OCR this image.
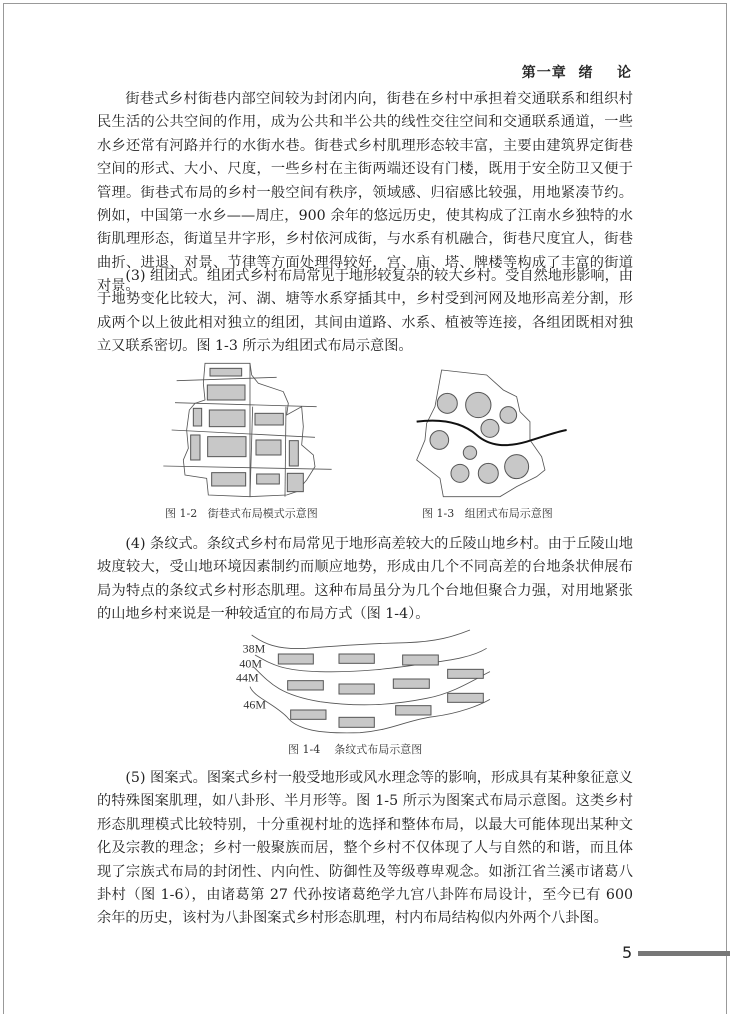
第一章  绪    论

街巷式乡村街巷内部空间较为封闭内向，街巷在乡村中承担着交通联系和组织村民生活的公共空间的作用，成为公共和半公共的线性交往空间和交通联系通道，一些水乡还常有河路并行的水街水巷。街巷式乡村肌理形态较丰富，主要由建筑界定街巷空间的形式、大小、尺度，一些乡村在主街两端还设有门楼，既用于安全防卫又便于管理。街巷式布局的乡村一般空间有秩序，领域感、归宿感比较强，用地紧凑节约。例如，中国第一水乡——周庄，900 余年的悠远历史，使其构成了江南水乡独特的水街肌理形态，街道呈井字形，乡村依河成街，与水系有机融合，街巷尺度宜人，街巷曲折、进退、对景、节律等方面处理得较好，宫、庙、塔、牌楼等构成了丰富的街道对景。

(3) 组团式。组团式乡村布局常见于地形较复杂的较大乡村。受自然地形影响，由于地势变化比较大，河、湖、塘等水系穿插其中，乡村受到河网及地形高差分割，形成两个以上彼此相对独立的组团，其间由道路、水系、植被等连接，各组团既相对独立又联系密切。图 1-3 所示为组团式布局示意图。

(4) 条纹式。条纹式乡村布局常见于地形高差较大的丘陵山地乡村。由于丘陵山地坡度较大，受山地环境因素制约而顺应地势，形成由几个不同高差的台地条状伸展布局为特点的条纹式乡村形态肌理。这种布局虽分为几个台地但聚合力强，对用地紧张的山地乡村来说是一种较适宜的布局方式（图 1-4）。

(5) 图案式。图案式乡村一般受地形或风水理念等的影响，形成具有某种象征意义的特殊图案肌理，如八卦形、半月形等。图 1-5 所示为图案式布局示意图。这类乡村形态肌理模式比较特别，十分重视村址的选择和整体布局，以最大可能体现出某种文化及宗教的理念；乡村一般聚族而居，整个乡村不仅体现了人与自然的和谐，而且体现了宗族式布局的封闭性、内向性、防御性及等级尊卑观念。如浙江省兰溪市诸葛八卦村（图 1-6），由诸葛第 27 代孙按诸葛绝学九宫八卦阵布局设计，至今已有 600 余年的历史，该村为八卦图案式乡村形态肌理，村内布局结构似内外两个八卦图。

38M
40M
44M
46M
图 1-2   街巷式布局模式示意图	图 1-3   组团式布局示意图
图 1-4    条纹式布局示意图
5
